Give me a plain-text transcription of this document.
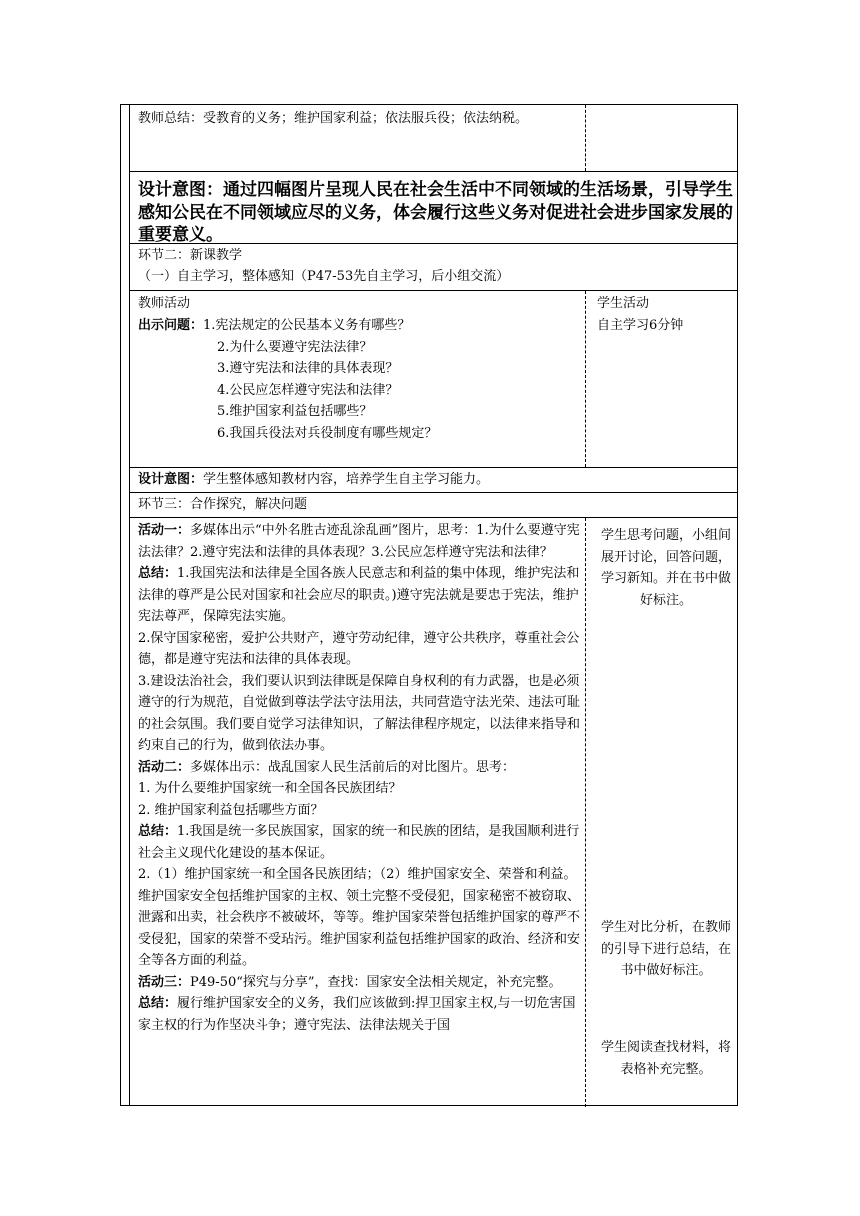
教师总结：受教育的义务；维护国家利益；依法服兵役；依法纳税。
设计意图：通过四幅图片呈现人民在社会生活中不同领域的生活场景，引导学生感知公民在不同领域应尽的义务，体会履行这些义务对促进社会进步国家发展的重要意义。
环节二：新课教学
（一）自主学习，整体感知（P47-53先自主学习，后小组交流）
教师活动	学生活动
出示问题：1.宪法规定的公民基本义务有哪些？
2.为什么要遵守宪法法律？
3.遵守宪法和法律的具体表现？
4.公民应怎样遵守宪法和法律？
5.维护国家利益包括哪些？
6.我国兵役法对兵役制度有哪些规定？
自主学习6分钟
设计意图：学生整体感知教材内容，培养学生自主学习能力。
环节三：合作探究，解决问题
活动一：多媒体出示“中外名胜古迹乱涂乱画”图片，思考：1.为什么要遵守宪法法律？2.遵守宪法和法律的具体表现？3.公民应怎样遵守宪法和法律？
总结：1.我国宪法和法律是全国各族人民意志和利益的集中体现，维护宪法和法律的尊严是公民对国家和社会应尽的职责。)遵守宪法就是要忠于宪法，维护宪法尊严，保障宪法实施。
2.保守国家秘密，爱护公共财产，遵守劳动纪律，遵守公共秩序，尊重社会公德，都是遵守宪法和法律的具体表现。
3.建设法治社会，我们要认识到法律既是保障自身权利的有力武器，也是必须遵守的行为规范，自觉做到尊法学法守法用法，共同营造守法光荣、违法可耻的社会氛围。我们要自觉学习法律知识，了解法律程序规定，以法律来指导和约束自己的行为，做到依法办事。
活动二：多媒体出示：战乱国家人民生活前后的对比图片。思考：
1. 为什么要维护国家统一和全国各民族团结？
2. 维护国家利益包括哪些方面？
总结：1.我国是统一多民族国家，国家的统一和民族的团结，是我国顺利进行社会主义现代化建设的基本保证。
2.（1）维护国家统一和全国各民族团结；（2）维护国家安全、荣誉和利益。维护国家安全包括维护国家的主权、领土完整不受侵犯，国家秘密不被窃取、泄露和出卖，社会秩序不被破坏，等等。维护国家荣誉包括维护国家的尊严不受侵犯，国家的荣誉不受玷污。维护国家利益包括维护国家的政治、经济和安全等各方面的利益。
活动三：P49-50“探究与分享”，查找：国家安全法相关规定，补充完整。
总结：履行维护国家安全的义务，我们应该做到:捍卫国家主权,与一切危害国家主权的行为作坚决斗争；遵守宪法、法律法规关于国
学生思考问题，小组间展开讨论，回答问题，学习新知。并在书中做好标注。
学生对比分析，在教师的引导下进行总结，在书中做好标注。
学生阅读查找材料，将表格补充完整。
